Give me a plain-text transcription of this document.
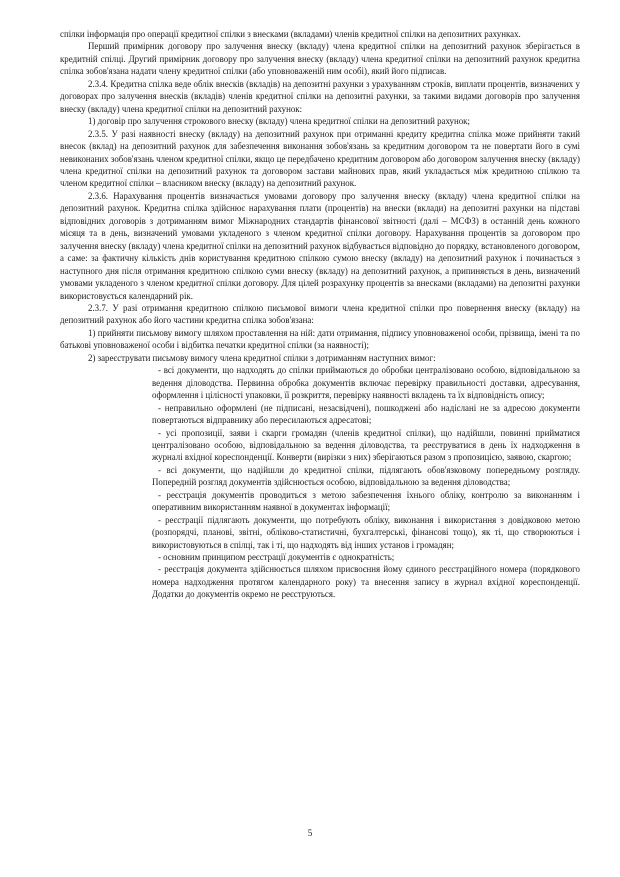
спілки інформація про операції кредитної спілки з внесками (вкладами) членів кредитної спілки на депозитних рахунках.

Перший примірник договору про залучення внеску (вкладу) члена кредитної спілки на депозитний рахунок зберігається в кредитній спілці. Другий примірник договору про залучення внеску (вкладу) члена кредитної спілки на депозитний рахунок кредитна спілка зобов'язана надати члену кредитної спілки (або уповноваженій ним особі), який його підписав.

2.3.4. Кредитна спілка веде облік внесків (вкладів) на депозитні рахунки з урахуванням строків, виплати процентів, визначених у договорах про залучення внесків (вкладів) членів кредитної спілки на депозитні рахунки, за такими видами договорів про залучення внеску (вкладу) члена кредитної спілки на депозитний рахунок:

1) договір про залучення строкового внеску (вкладу) члена кредитної спілки на депозитний рахунок;

2.3.5. У разі наявності внеску (вкладу) на депозитний рахунок при отриманні кредиту кредитна спілка може прийняти такий внесок (вклад) на депозитний рахунок для забезпечення виконання зобов'язань за кредитним договором та не повертати його в сумі невиконаних зобов'язань членом кредитної спілки, якщо це передбачено кредитним договором або договором залучення внеску (вкладу) члена кредитної спілки на депозитний рахунок та договором застави майнових прав, який укладається між кредитною спілкою та членом кредитної спілки – власником внеску (вкладу) на депозитний рахунок.

2.3.6. Нарахування процентів визначається умовами договору про залучення внеску (вкладу) члена кредитної спілки на депозитний рахунок. Кредитна спілка здійснює нарахування плати (процентів) на внески (вклади) на депозитні рахунки на підставі відповідних договорів з дотриманням вимог Міжнародних стандартів фінансової звітності (далі – МСФЗ) в останній день кожного місяця та в день, визначений умовами укладеного з членом кредитної спілки договору. Нарахування процентів за договором про залучення внеску (вкладу) члена кредитної спілки на депозитний рахунок відбувається відповідно до порядку, встановленого договором, а саме: за фактичну кількість днів користування кредитною спілкою сумою внеску (вкладу) на депозитний рахунок і починається з наступного дня після отримання кредитною спілкою суми внеску (вкладу) на депозитний рахунок, а припиняється в день, визначений умовами укладеного з членом кредитної спілки договору. Для цілей розрахунку процентів за внесками (вкладами) на депозитні рахунки використовується календарний рік.

2.3.7. У разі отримання кредитною спілкою письмової вимоги члена кредитної спілки про повернення внеску (вкладу) на депозитний рахунок або його частини кредитна спілка зобов'язана:

1) прийняти письмову вимогу шляхом проставлення на ній: дати отримання, підпису уповноваженої особи, прізвища, імені та по батькові уповноваженої особи і відбитка печатки кредитної спілки (за наявності);

2) зареєструвати письмову вимогу члена кредитної спілки з дотриманням наступних вимог:

- всі документи, що надходять до спілки приймаються до обробки централізовано особою, відповідальною за ведення діловодства. Первинна обробка документів включає перевірку правильності доставки, адресування, оформлення і цілісності упаковки, її розкриття, перевірку наявності вкладень та їх відповідність опису;

- неправильно оформлені (не підписані, незасвідчені), пошкоджені або надіслані не за адресою документи повертаються відправнику або пересилаються адресатові;

- усі пропозиції, заяви і скарги громадян (членів кредитної спілки), що надійшли, повинні прийматися централізовано особою, відповідальною за ведення діловодства, та реєструватися в день їх надходження в журналі вхідної кореспонденції. Конверти (вирізки з них) зберігаються разом з пропозицією, заявою, скаргою;

- всі документи, що надійшли до кредитної спілки, підлягають обов'язковому попередньому розгляду. Попередній розгляд документів здійснюється особою, відповідальною за ведення діловодства;

- реєстрація документів проводиться з метою забезпечення їхнього обліку, контролю за виконанням і оперативним використанням наявної в документах інформації;

- реєстрації підлягають документи, що потребують обліку, виконання і використання з довідковою метою (розпорядчі, планові, звітні, обліково-статистичні, бухгалтерські, фінансові тощо), як ті, що створюються і використовуються в спілці, так і ті, що надходять від інших установ і громадян;

- основним принципом реєстрації документів є однократність;

- реєстрація документа здійснюється шляхом присвоєння йому єдиного реєстраційного номера (порядкового номера надходження протягом календарного року) та внесення запису в журнал вхідної кореспонденції. Додатки до документів окремо не реєструються.

5
